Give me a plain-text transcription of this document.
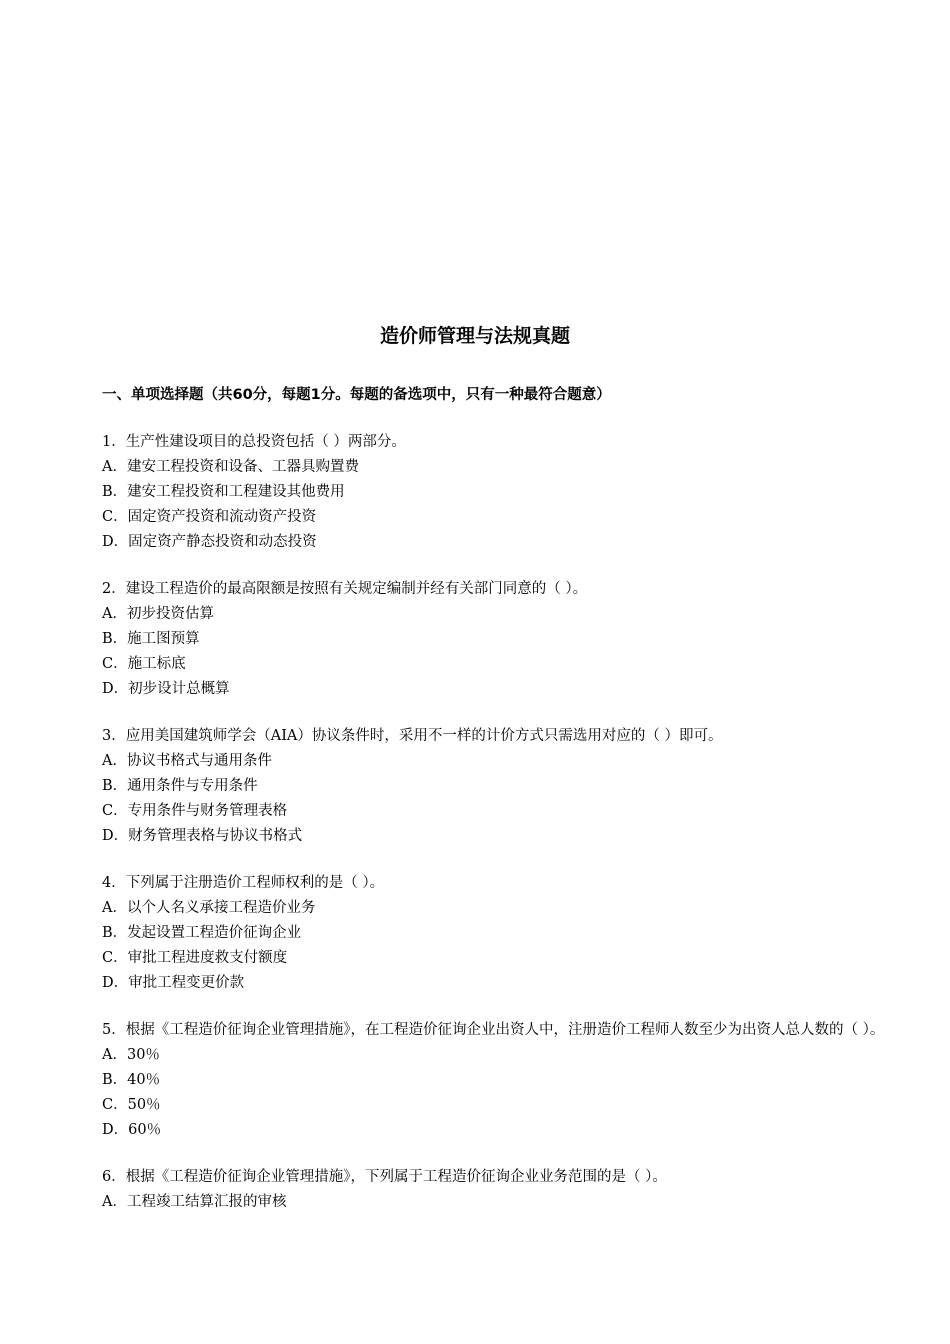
造价师管理与法规真题

一、单项选择题（共60分，每题1分。每题的备选项中，只有一种最符合题意）

1．生产性建设项目的总投资包括（ ）两部分。

A．建安工程投资和设备、工器具购置费

B．建安工程投资和工程建设其他费用

C．固定资产投资和流动资产投资

D．固定资产静态投资和动态投资

2．建设工程造价的最高限额是按照有关规定编制并经有关部门同意的（ ）。

A．初步投资估算

B．施工图预算

C．施工标底

D．初步设计总概算

3．应用美国建筑师学会（AIA）协议条件时，采用不一样的计价方式只需选用对应的（ ）即可。

A．协议书格式与通用条件

B．通用条件与专用条件

C．专用条件与财务管理表格

D．财务管理表格与协议书格式

4．下列属于注册造价工程师权利的是（ ）。

A．以个人名义承接工程造价业务

B．发起设置工程造价征询企业

C．审批工程进度救支付额度

D．审批工程变更价款

5．根据《工程造价征询企业管理措施》，在工程造价征询企业出资人中，注册造价工程师人数至少为出资人总人数的（ ）。

A．30％

B．40％

C．50％

D．60％

6．根据《工程造价征询企业管理措施》，下列属于工程造价征询企业业务范围的是（ ）。

A．工程竣工结算汇报的审核
